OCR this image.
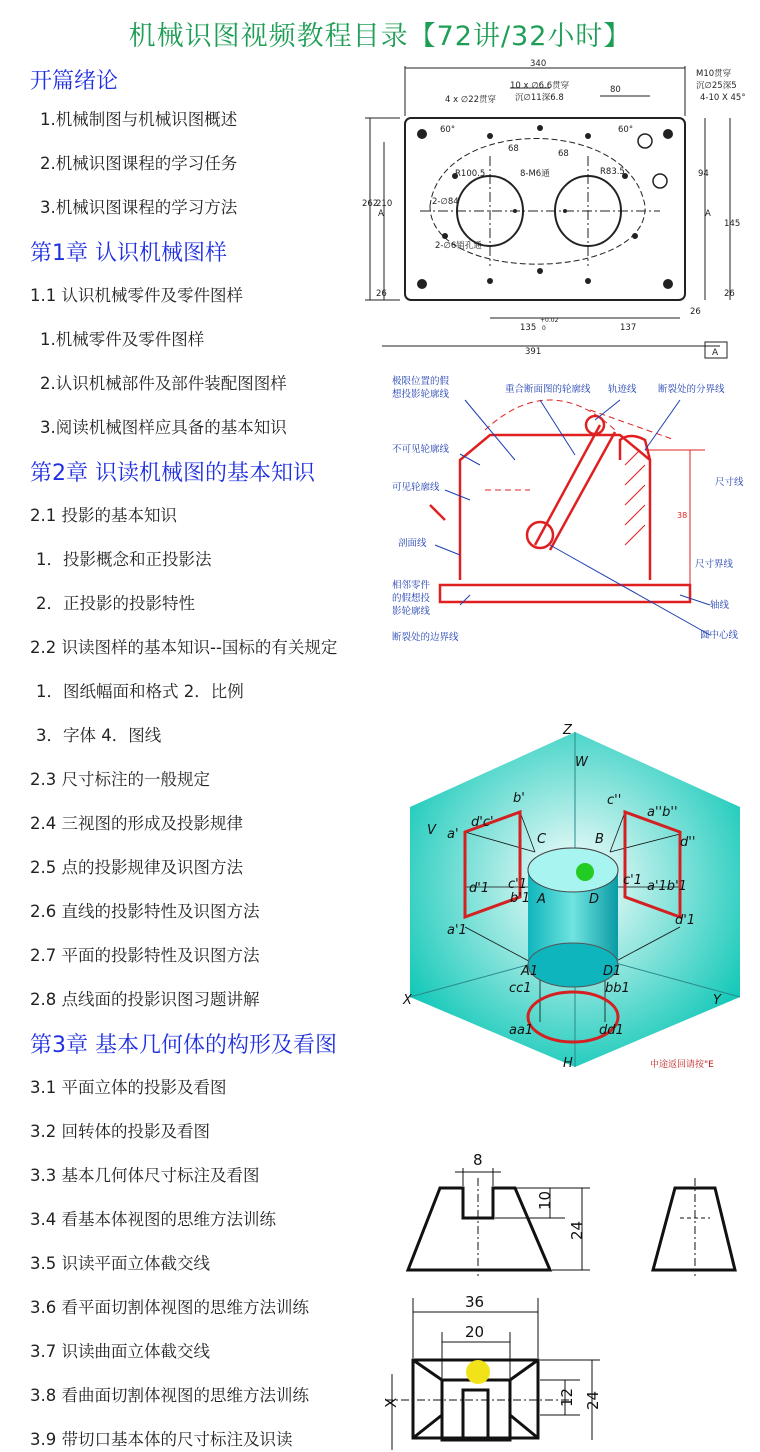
机械识图视频教程目录【72讲/32小时】
开篇绪论
1.机械制图与机械识图概述
2.机械识图课程的学习任务
3.机械识图课程的学习方法
第1章 认识机械图样
1.1 认识机械零件及零件图样
1.机械零件及零件图样
2.认识机械部件及部件装配图图样
3.阅读机械图样应具备的基本知识
第2章 识读机械图的基本知识
2.1 投影的基本知识
1．投影概念和正投影法
2．正投影的投影特性
2.2 识读图样的基本知识--国标的有关规定
1．图纸幅面和格式 2．比例
3．字体 4．图线
2.3 尺寸标注的一般规定
2.4 三视图的形成及投影规律
2.5 点的投影规律及识图方法
2.6 直线的投影特性及识图方法
2.7 平面的投影特性及识图方法
2.8 点线面的投影识图习题讲解
第3章 基本几何体的构形及看图
3.1 平面立体的投影及看图
3.2 回转体的投影及看图
3.3 基本几何体尺寸标注及看图
3.4 看基本体视图的思维方法训练
3.5 识读平面立体截交线
3.6 看平面切割体视图的思维方法训练
3.7 识读曲面立体截交线
3.8 看曲面切割体视图的思维方法训练
3.9 带切口基本体的尺寸标注及识读
340
4 x ∅22贯穿
10 x ∅6.6贯穿
沉∅11深6.8
80
M10贯穿
沉∅25深5
4-10 X 45°
60°	60°
68	68
8-M6通
R100.5	R83.5
2-∅84
2-∅6销孔通
A	A
262
210
26
94
145
26
26
135
+0.02
0	137
391	A
极限位置的假
想投影轮廓线	重合断面图的轮廓线 轨迹线 断裂处的分界线
不可见轮廓线
可见轮廓线
剖面线
相邻零件
的假想投
影轮廓线
断裂处的边界线
尺寸线
尺寸界线
轴线
圆中心线
38
Z
W
V
X	Y
H
b'
d'c'
a'
c''
a''b''
d''
C	B
A	D
d'1 c'1
b'1
a'1
c'1 a'1b'1
d'1
A1	D1
cc1	bb1
aa1	dd1
中途返回请按"E
8
10
24
36
20
12 24
X
